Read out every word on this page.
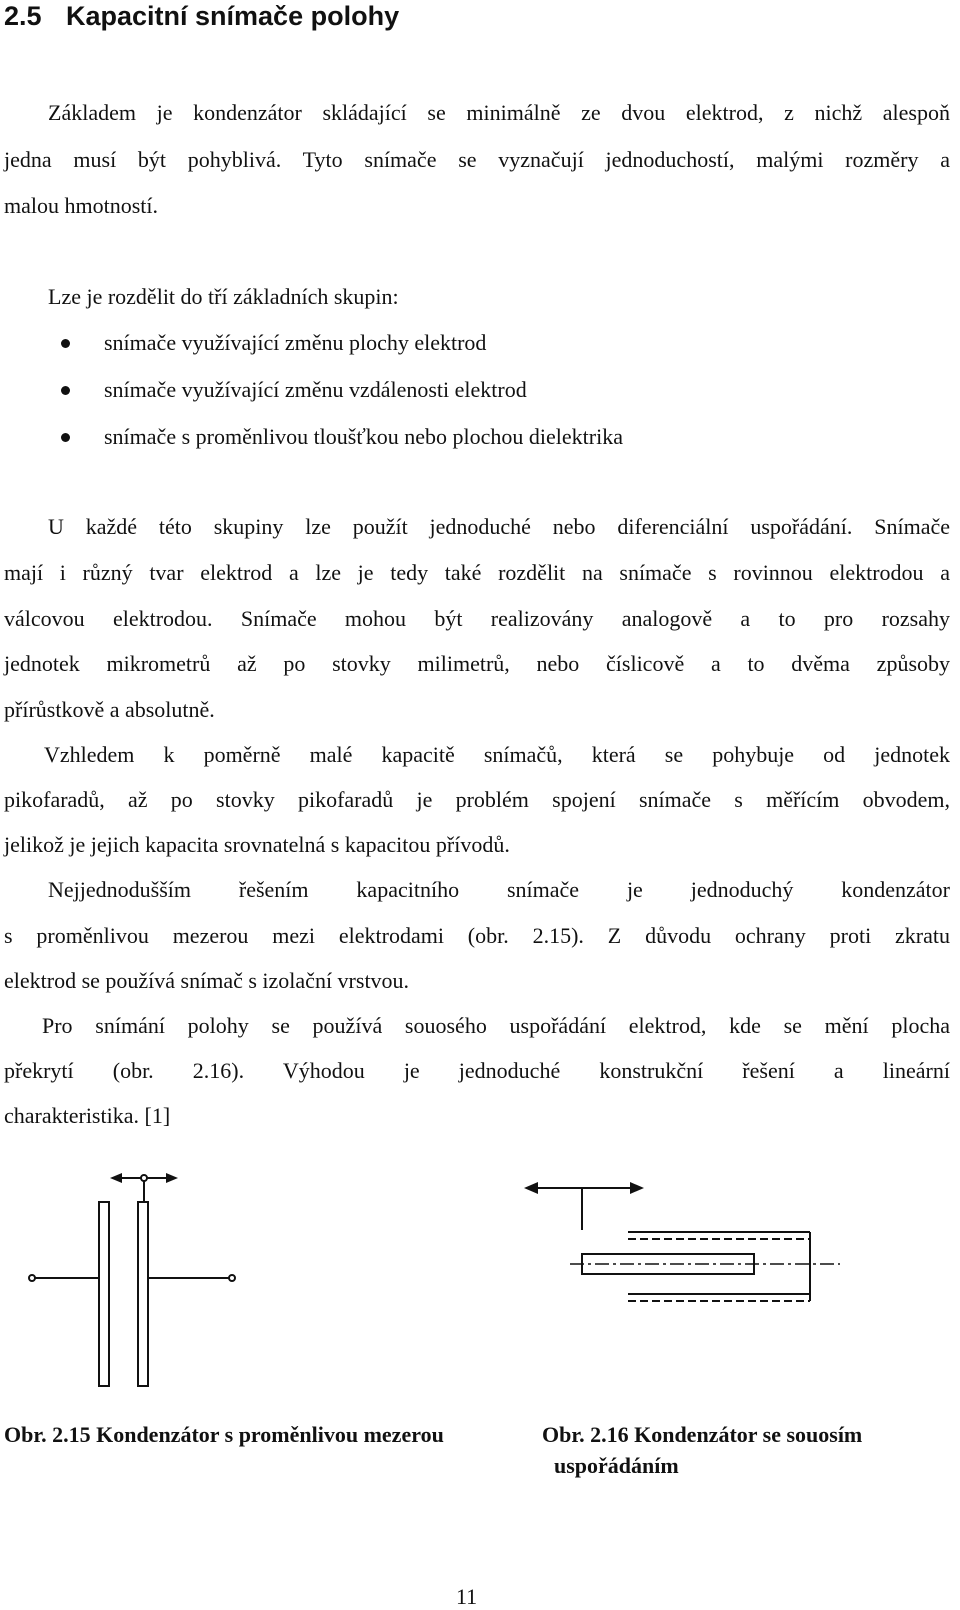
2.5 Kapacitní snímače polohy
Základem je kondenzátor skládající se minimálně ze dvou elektrod, z nichž alespoň
jedna musí být pohyblivá. Tyto snímače se vyznačují jednoduchostí, malými rozměry a
malou hmotností.
Lze je rozdělit do tří základních skupin:
snímače využívající změnu plochy elektrod
snímače využívající změnu vzdálenosti elektrod
snímače s proměnlivou tloušťkou nebo plochou dielektrika
U každé této skupiny lze použít jednoduché nebo diferenciální uspořádání. Snímače
mají i různý tvar elektrod a lze je tedy také rozdělit na snímače s rovinnou elektrodou a
válcovou elektrodou. Snímače mohou být realizovány analogově a to pro rozsahy
jednotek mikrometrů až po stovky milimetrů, nebo číslicově a to dvěma způsoby
přírůstkově a absolutně.
Vzhledem k poměrně malé kapacitě snímačů, která se pohybuje od jednotek
pikofaradů, až po stovky pikofaradů je problém spojení snímače s měřícím obvodem,
jelikož je jejich kapacita srovnatelná s kapacitou přívodů.
Nejjednodušším řešením kapacitního snímače je jednoduchý kondenzátor
s proměnlivou mezerou mezi elektrodami (obr. 2.15). Z důvodu ochrany proti zkratu
elektrod se používá snímač s izolační vrstvou.
Pro snímání polohy se používá souosého uspořádání elektrod, kde se mění plocha
překrytí (obr. 2.16). Výhodou je jednoduché konstrukční řešení a lineární
charakteristika. [1]
Obr. 2.15 Kondenzátor s proměnlivou mezerou	Obr. 2.16 Kondenzátor se souosím
uspořádáním
11
